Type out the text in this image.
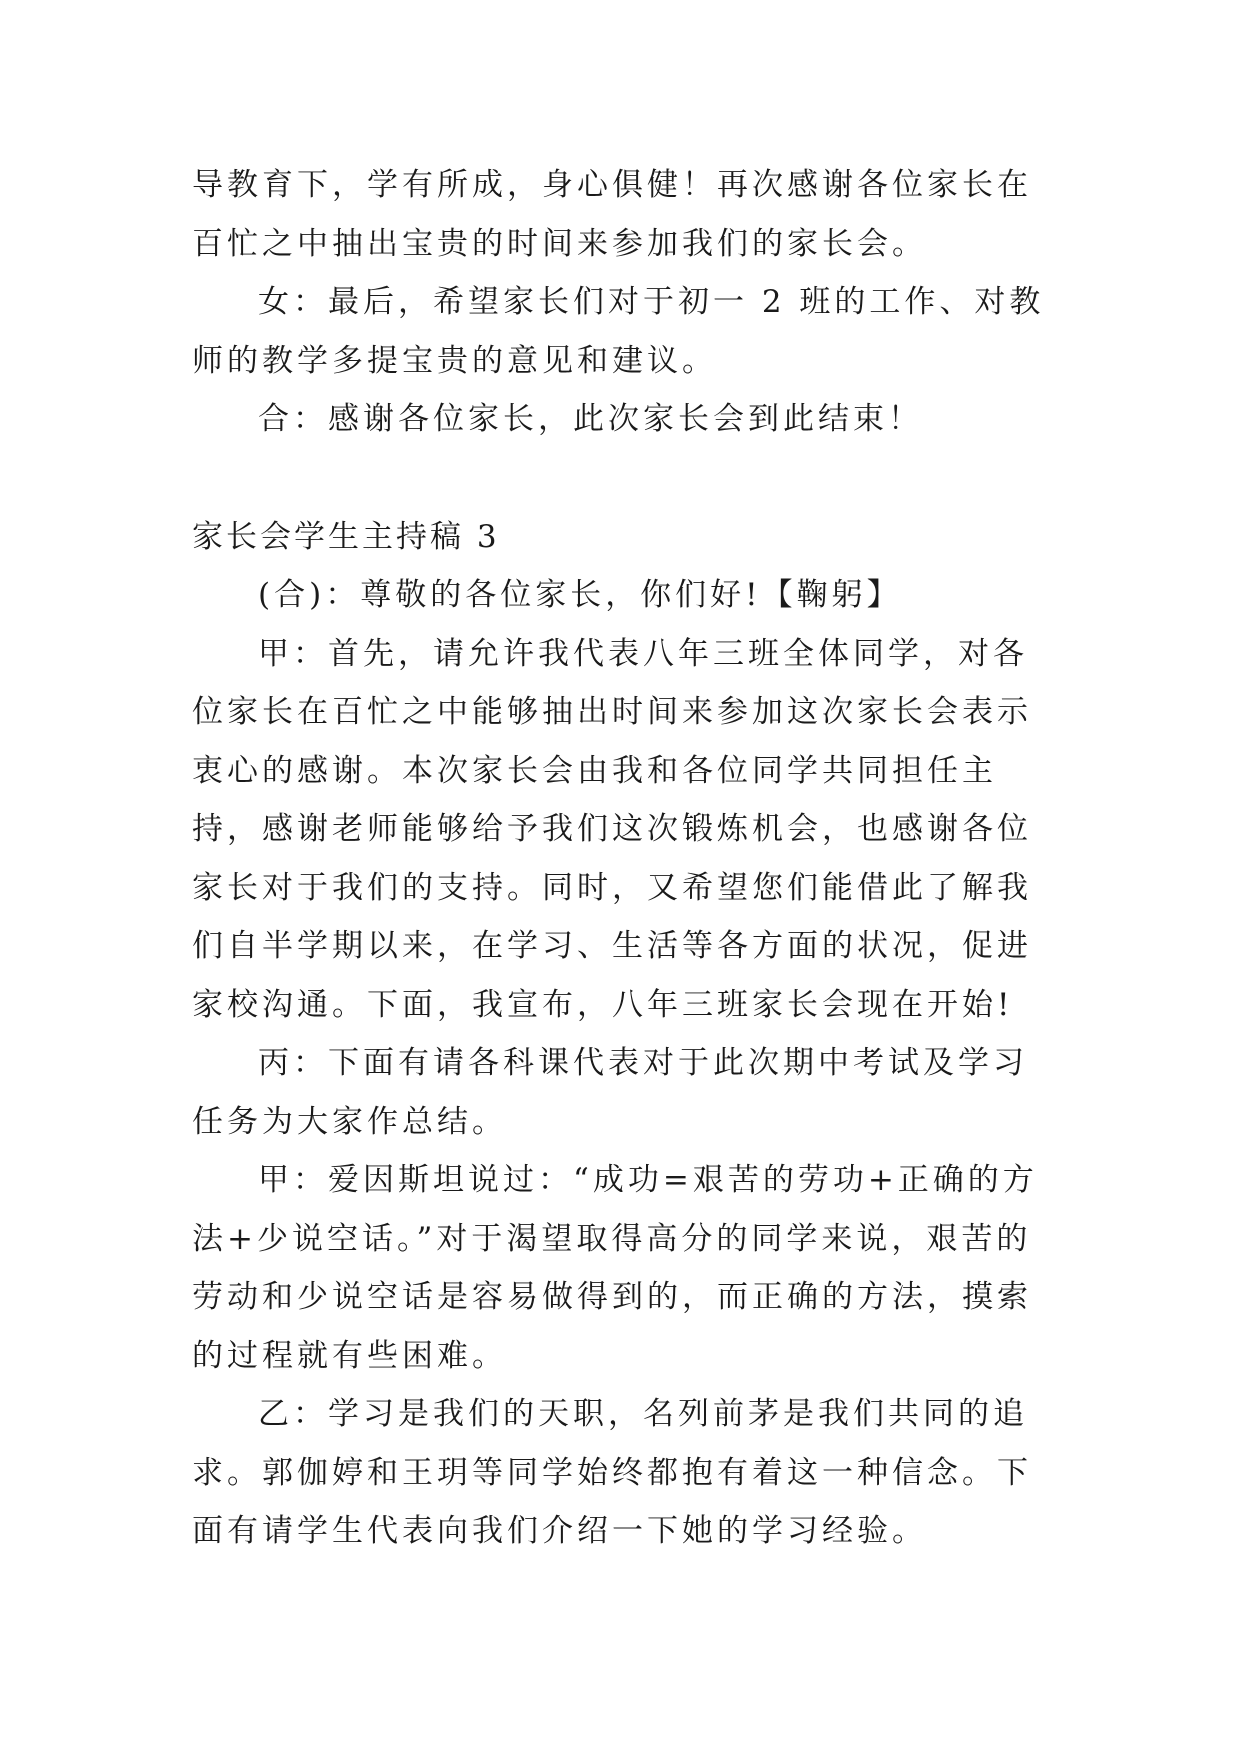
导教育下，学有所成，身心俱健！再次感谢各位家长在百忙之中抽出宝贵的时间来参加我们的家长会。

女：最后，希望家长们对于初一 2 班的工作、对教师的教学多提宝贵的意见和建议。

合：感谢各位家长，此次家长会到此结束！

家长会学生主持稿 3

(合)：尊敬的各位家长，你们好!【鞠躬】

甲：首先，请允许我代表八年三班全体同学，对各位家长在百忙之中能够抽出时间来参加这次家长会表示衷心的感谢。本次家长会由我和各位同学共同担任主持，感谢老师能够给予我们这次锻炼机会，也感谢各位家长对于我们的支持。同时，又希望您们能借此了解我们自半学期以来，在学习、生活等各方面的状况，促进家校沟通。下面，我宣布，八年三班家长会现在开始!

丙：下面有请各科课代表对于此次期中考试及学习任务为大家作总结。

甲：爱因斯坦说过：“成功=艰苦的劳功+正确的方法+少说空话。”对于渴望取得高分的同学来说，艰苦的劳动和少说空话是容易做得到的，而正确的方法，摸索的过程就有些困难。

乙：学习是我们的天职，名列前茅是我们共同的追求。郭伽婷和王玥等同学始终都抱有着这一种信念。下面有请学生代表向我们介绍一下她的学习经验。
